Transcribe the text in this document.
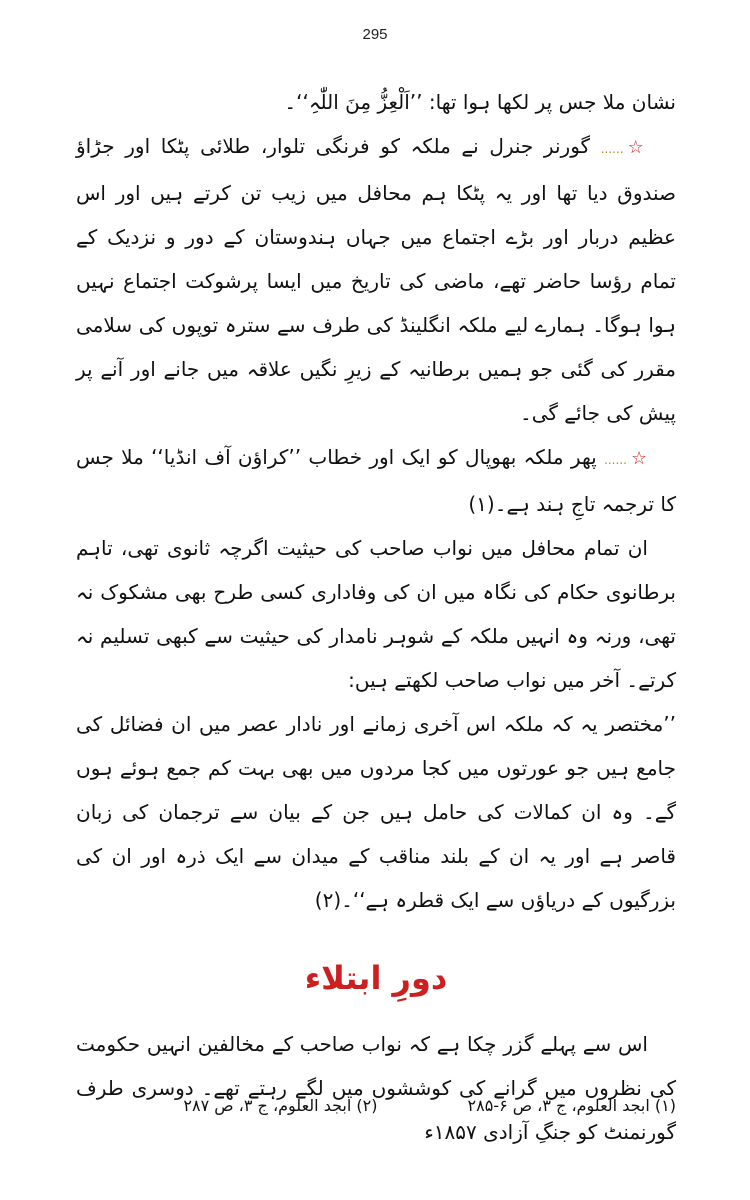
295

نشان ملا جس پر لکھا ہوا تھا: ’’اَلْعِزُّ مِنَ اللّٰہِ‘‘۔

☆...... گورنر جنرل نے ملکہ کو فرنگی تلوار، طلائی پٹکا اور جڑاؤ صندوق دیا تھا اور یہ پٹکا ہم محافل میں زیب تن کرتے ہیں اور اس عظیم دربار اور بڑے اجتماع میں جہاں ہندوستان کے دور و نزدیک کے تمام رؤسا حاضر تھے، ماضی کی تاریخ میں ایسا پرشوکت اجتماع نہیں ہوا ہوگا۔ ہمارے لیے ملکہ انگلینڈ کی طرف سے سترہ توپوں کی سلامی مقرر کی گئی جو ہمیں برطانیہ کے زیرِ نگیں علاقہ میں جانے اور آنے پر پیش کی جائے گی۔

☆...... پھر ملکہ بھوپال کو ایک اور خطاب ’’کراؤن آف انڈیا‘‘ ملا جس کا ترجمہ تاجِ ہند ہے۔(۱)

ان تمام محافل میں نواب صاحب کی حیثیت اگرچہ ثانوی تھی، تاہم برطانوی حکام کی نگاہ میں ان کی وفاداری کسی طرح بھی مشکوک نہ تھی، ورنہ وہ انہیں ملکہ کے شوہر نامدار کی حیثیت سے کبھی تسلیم نہ کرتے۔ آخر میں نواب صاحب لکھتے ہیں:

’’مختصر یہ کہ ملکہ اس آخری زمانے اور نادار عصر میں ان فضائل کی جامع ہیں جو عورتوں میں کجا مردوں میں بھی بہت کم جمع ہوئے ہوں گے۔ وہ ان کمالات کی حامل ہیں جن کے بیان سے ترجمان کی زبان قاصر ہے اور یہ ان کے بلند مناقب کے میدان سے ایک ذرہ اور ان کی بزرگیوں کے دریاؤں سے ایک قطرہ ہے‘‘۔(۲)

دورِ ابتلاء

اس سے پہلے گزر چکا ہے کہ نواب صاحب کے مخالفین انہیں حکومت کی نظروں میں گرانے کی کوششوں میں لگے رہتے تھے۔ دوسری طرف گورنمنٹ کو جنگِ آزادی ۱۸۵۷ء

(۱) ابجد العلوم، ج ۳، ص ۶-۲۸۵
(۲) ابجد العلوم، ج ۳، ص ۲۸۷
